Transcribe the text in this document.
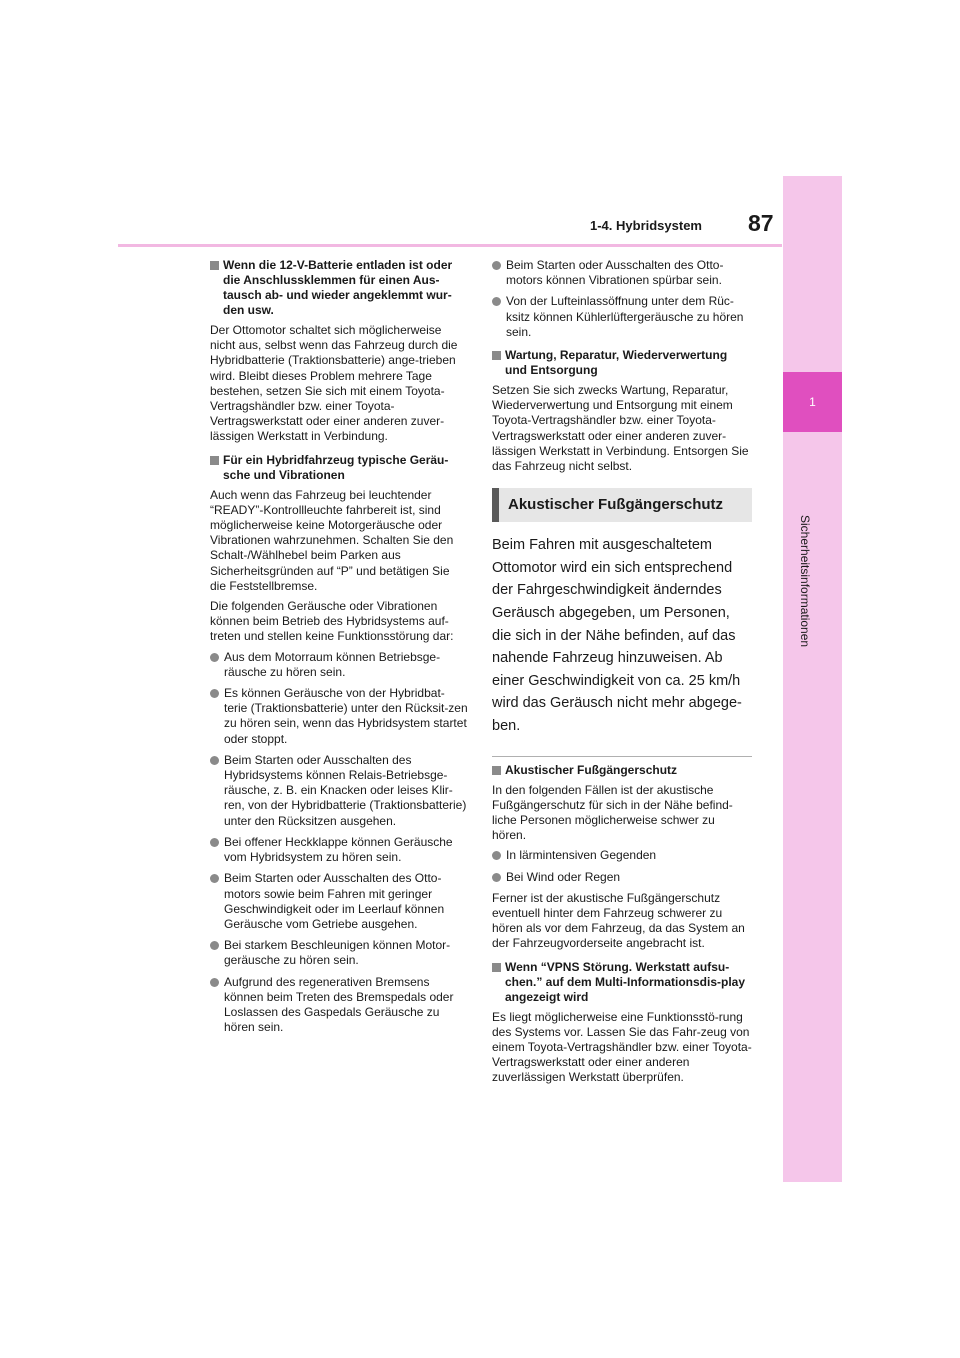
1-4. Hybridsystem 87
1
Sicherheitsinformationen
Wenn die 12-V-Batterie entladen ist oder die Anschlussklemmen für einen Aus-tausch ab- und wieder angeklemmt wur-den usw.

Der Ottomotor schaltet sich möglicherweise nicht aus, selbst wenn das Fahrzeug durch die Hybridbatterie (Traktionsbatterie) ange-trieben wird. Bleibt dieses Problem mehrere Tage bestehen, setzen Sie sich mit einem Toyota-Vertragshändler bzw. einer Toyota-Vertragswerkstatt oder einer anderen zuver-lässigen Werkstatt in Verbindung.

Für ein Hybridfahrzeug typische Geräu-sche und Vibrationen

Auch wenn das Fahrzeug bei leuchtender “READY”-Kontrollleuchte fahrbereit ist, sind möglicherweise keine Motorgeräusche oder Vibrationen wahrzunehmen. Schalten Sie den Schalt-/Wählhebel beim Parken aus Sicherheitsgründen auf “P” und betätigen Sie die Feststellbremse.

Die folgenden Geräusche oder Vibrationen können beim Betrieb des Hybridsystems auf-treten und stellen keine Funktionsstörung dar:

Aus dem Motorraum können Betriebsge-räusche zu hören sein.
Es können Geräusche von der Hybridbat-terie (Traktionsbatterie) unter den Rücksit-zen zu hören sein, wenn das Hybridsystem startet oder stoppt.
Beim Starten oder Ausschalten des Hybridsystems können Relais-Betriebsge-räusche, z. B. ein Knacken oder leises Klir-ren, von der Hybridbatterie (Traktionsbatterie) unter den Rücksitzen ausgehen.
Bei offener Heckklappe können Geräusche vom Hybridsystem zu hören sein.
Beim Starten oder Ausschalten des Otto-motors sowie beim Fahren mit geringer Geschwindigkeit oder im Leerlauf können Geräusche vom Getriebe ausgehen.
Bei starkem Beschleunigen können Motor-geräusche zu hören sein.
Aufgrund des regenerativen Bremsens können beim Treten des Bremspedals oder Loslassen des Gaspedals Geräusche zu hören sein.
Beim Starten oder Ausschalten des Otto-motors können Vibrationen spürbar sein.
Von der Lufteinlassöffnung unter dem Rüc-ksitz können Kühlerlüftergeräusche zu hören sein.
Wartung, Reparatur, Wiederverwertung und Entsorgung

Setzen Sie sich zwecks Wartung, Reparatur, Wiederverwertung und Entsorgung mit einem Toyota-Vertragshändler bzw. einer Toyota-Vertragswerkstatt oder einer anderen zuver-lässigen Werkstatt in Verbindung. Entsorgen Sie das Fahrzeug nicht selbst.

Akustischer Fußgängerschutz

Beim Fahren mit ausgeschaltetem Ottomotor wird ein sich entsprechend der Fahrgeschwindigkeit änderndes Geräusch abgegeben, um Personen, die sich in der Nähe befinden, auf das nahende Fahrzeug hinzuweisen. Ab einer Geschwindigkeit von ca. 25 km/h wird das Geräusch nicht mehr abgege-ben.

Akustischer Fußgängerschutz

In den folgenden Fällen ist der akustische Fußgängerschutz für sich in der Nähe befind-liche Personen möglicherweise schwer zu hören.

In lärmintensiven Gegenden
Bei Wind oder Regen

Ferner ist der akustische Fußgängerschutz eventuell hinter dem Fahrzeug schwerer zu hören als vor dem Fahrzeug, da das System an der Fahrzeugvorderseite angebracht ist.

Wenn “VPNS Störung. Werkstatt aufsu-chen.” auf dem Multi-Informationsdis-play angezeigt wird

Es liegt möglicherweise eine Funktionsstö-rung des Systems vor. Lassen Sie das Fahr-zeug von einem Toyota-Vertragshändler bzw. einer Toyota-Vertragswerkstatt oder einer anderen zuverlässigen Werkstatt überprüfen.
